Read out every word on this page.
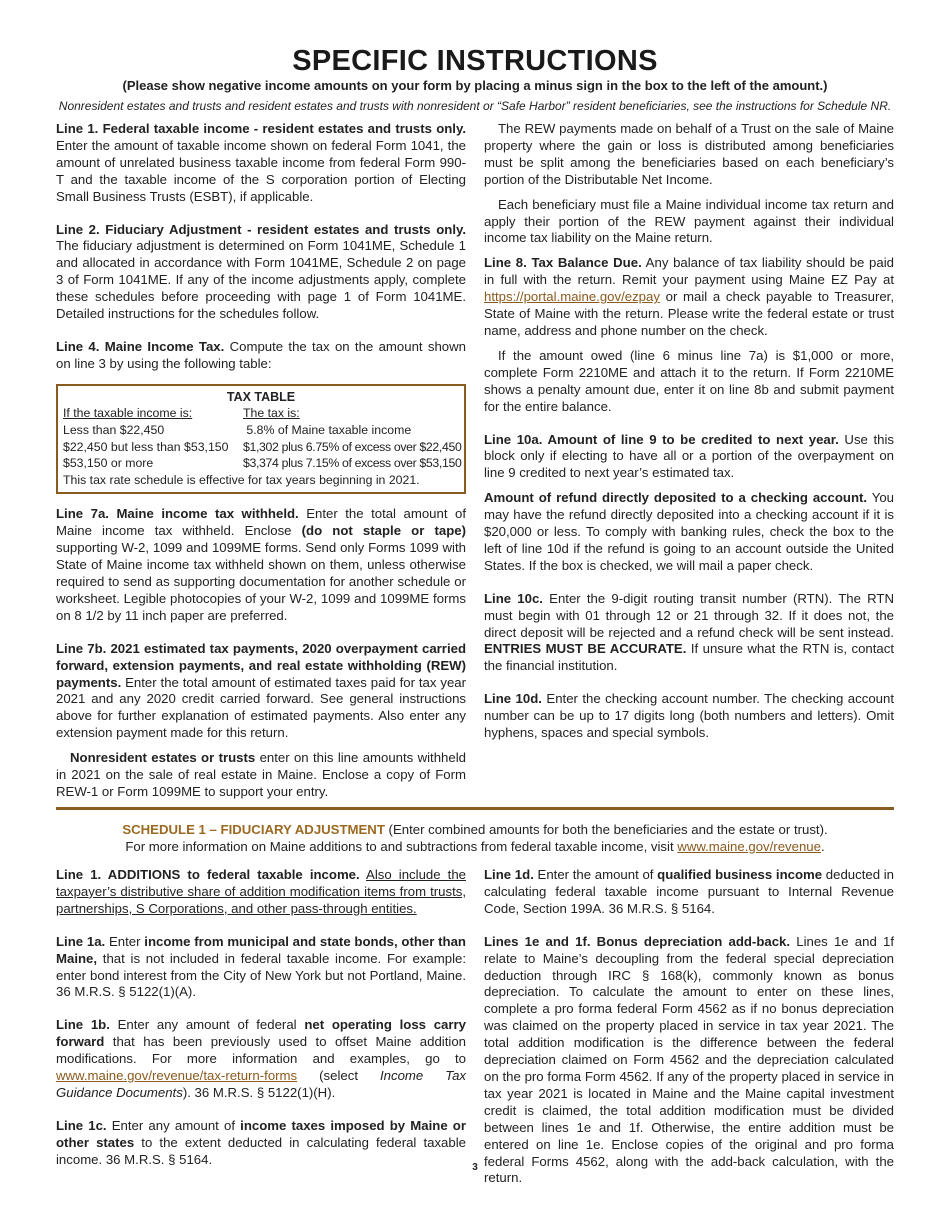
SPECIFIC INSTRUCTIONS
(Please show negative income amounts on your form by placing a minus sign in the box to the left of the amount.)
Nonresident estates and trusts and resident estates and trusts with nonresident or “Safe Harbor” resident beneficiaries, see the instructions for Schedule NR.

Line 1. Federal taxable income - resident estates and trusts only. Enter the amount of taxable income shown on federal Form 1041, the amount of unrelated business taxable income from federal Form 990-T and the taxable income of the S corporation portion of Electing Small Business Trusts (ESBT), if applicable.

Line 2. Fiduciary Adjustment - resident estates and trusts only. The fiduciary adjustment is determined on Form 1041ME, Schedule 1 and allocated in accordance with Form 1041ME, Schedule 2 on page 3 of Form 1041ME. If any of the income adjustments apply, complete these schedules before proceeding with page 1 of Form 1041ME. Detailed instructions for the schedules follow.

Line 4. Maine Income Tax. Compute the tax on the amount shown on line 3 by using the following table:

TAX TABLE
If the taxable income is:	The tax is:
Less than $22,450	5.8% of Maine taxable income
$22,450 but less than $53,150	$1,302 plus 6.75% of excess over $22,450
$53,150 or more	$3,374 plus 7.15% of excess over $53,150
This tax rate schedule is effective for tax years beginning in 2021.

Line 7a. Maine income tax withheld. Enter the total amount of Maine income tax withheld. Enclose (do not staple or tape) supporting W-2, 1099 and 1099ME forms. Send only Forms 1099 with State of Maine income tax withheld shown on them, unless otherwise required to send as supporting documentation for another schedule or worksheet. Legible photocopies of your W-2, 1099 and 1099ME forms on 8 1/2 by 11 inch paper are preferred.

Line 7b. 2021 estimated tax payments, 2020 overpayment carried forward, extension payments, and real estate withholding (REW) payments. Enter the total amount of estimated taxes paid for tax year 2021 and any 2020 credit carried forward. See general instructions above for further explanation of estimated payments. Also enter any extension payment made for this return.

Nonresident estates or trusts enter on this line amounts withheld in 2021 on the sale of real estate in Maine. Enclose a copy of Form REW-1 or Form 1099ME to support your entry.

The REW payments made on behalf of a Trust on the sale of Maine property where the gain or loss is distributed among beneficiaries must be split among the beneficiaries based on each beneficiary’s portion of the Distributable Net Income.

Each beneficiary must file a Maine individual income tax return and apply their portion of the REW payment against their individual income tax liability on the Maine return.

Line 8. Tax Balance Due. Any balance of tax liability should be paid in full with the return. Remit your payment using Maine EZ Pay at https://portal.maine.gov/ezpay or mail a check payable to Treasurer, State of Maine with the return. Please write the federal estate or trust name, address and phone number on the check.

If the amount owed (line 6 minus line 7a) is $1,000 or more, complete Form 2210ME and attach it to the return. If Form 2210ME shows a penalty amount due, enter it on line 8b and submit payment for the entire balance.

Line 10a. Amount of line 9 to be credited to next year. Use this block only if electing to have all or a portion of the overpayment on line 9 credited to next year’s estimated tax.

Amount of refund directly deposited to a checking account. You may have the refund directly deposited into a checking account if it is $20,000 or less. To comply with banking rules, check the box to the left of line 10d if the refund is going to an account outside the United States. If the box is checked, we will mail a paper check.

Line 10c. Enter the 9-digit routing transit number (RTN). The RTN must begin with 01 through 12 or 21 through 32. If it does not, the direct deposit will be rejected and a refund check will be sent instead. ENTRIES MUST BE ACCURATE. If unsure what the RTN is, contact the financial institution.

Line 10d. Enter the checking account number. The checking account number can be up to 17 digits long (both numbers and letters). Omit hyphens, spaces and special symbols.

SCHEDULE 1 – FIDUCIARY ADJUSTMENT (Enter combined amounts for both the beneficiaries and the estate or trust).
For more information on Maine additions to and subtractions from federal taxable income, visit www.maine.gov/revenue.

Line 1. ADDITIONS to federal taxable income. Also include the taxpayer’s distributive share of addition modification items from trusts, partnerships, S Corporations, and other pass-through entities.

Line 1a. Enter income from municipal and state bonds, other than Maine, that is not included in federal taxable income. For example: enter bond interest from the City of New York but not Portland, Maine. 36 M.R.S. § 5122(1)(A).

Line 1b. Enter any amount of federal net operating loss carry forward that has been previously used to offset Maine addition modifications. For more information and examples, go to www.maine.gov/revenue/tax-return-forms (select Income Tax Guidance Documents). 36 M.R.S. § 5122(1)(H).

Line 1c. Enter any amount of income taxes imposed by Maine or other states to the extent deducted in calculating federal taxable income. 36 M.R.S. § 5164.

Line 1d. Enter the amount of qualified business income deducted in calculating federal taxable income pursuant to Internal Revenue Code, Section 199A. 36 M.R.S. § 5164.

Lines 1e and 1f. Bonus depreciation add-back. Lines 1e and 1f relate to Maine’s decoupling from the federal special depreciation deduction through IRC § 168(k), commonly known as bonus depreciation. To calculate the amount to enter on these lines, complete a pro forma federal Form 4562 as if no bonus depreciation was claimed on the property placed in service in tax year 2021. The total addition modification is the difference between the federal depreciation claimed on Form 4562 and the depreciation calculated on the pro forma Form 4562. If any of the property placed in service in tax year 2021 is located in Maine and the Maine capital investment credit is claimed, the total addition modification must be divided between lines 1e and 1f. Otherwise, the entire addition must be entered on line 1e. Enclose copies of the original and pro forma federal Forms 4562, along with the add-back calculation, with the return.

3
